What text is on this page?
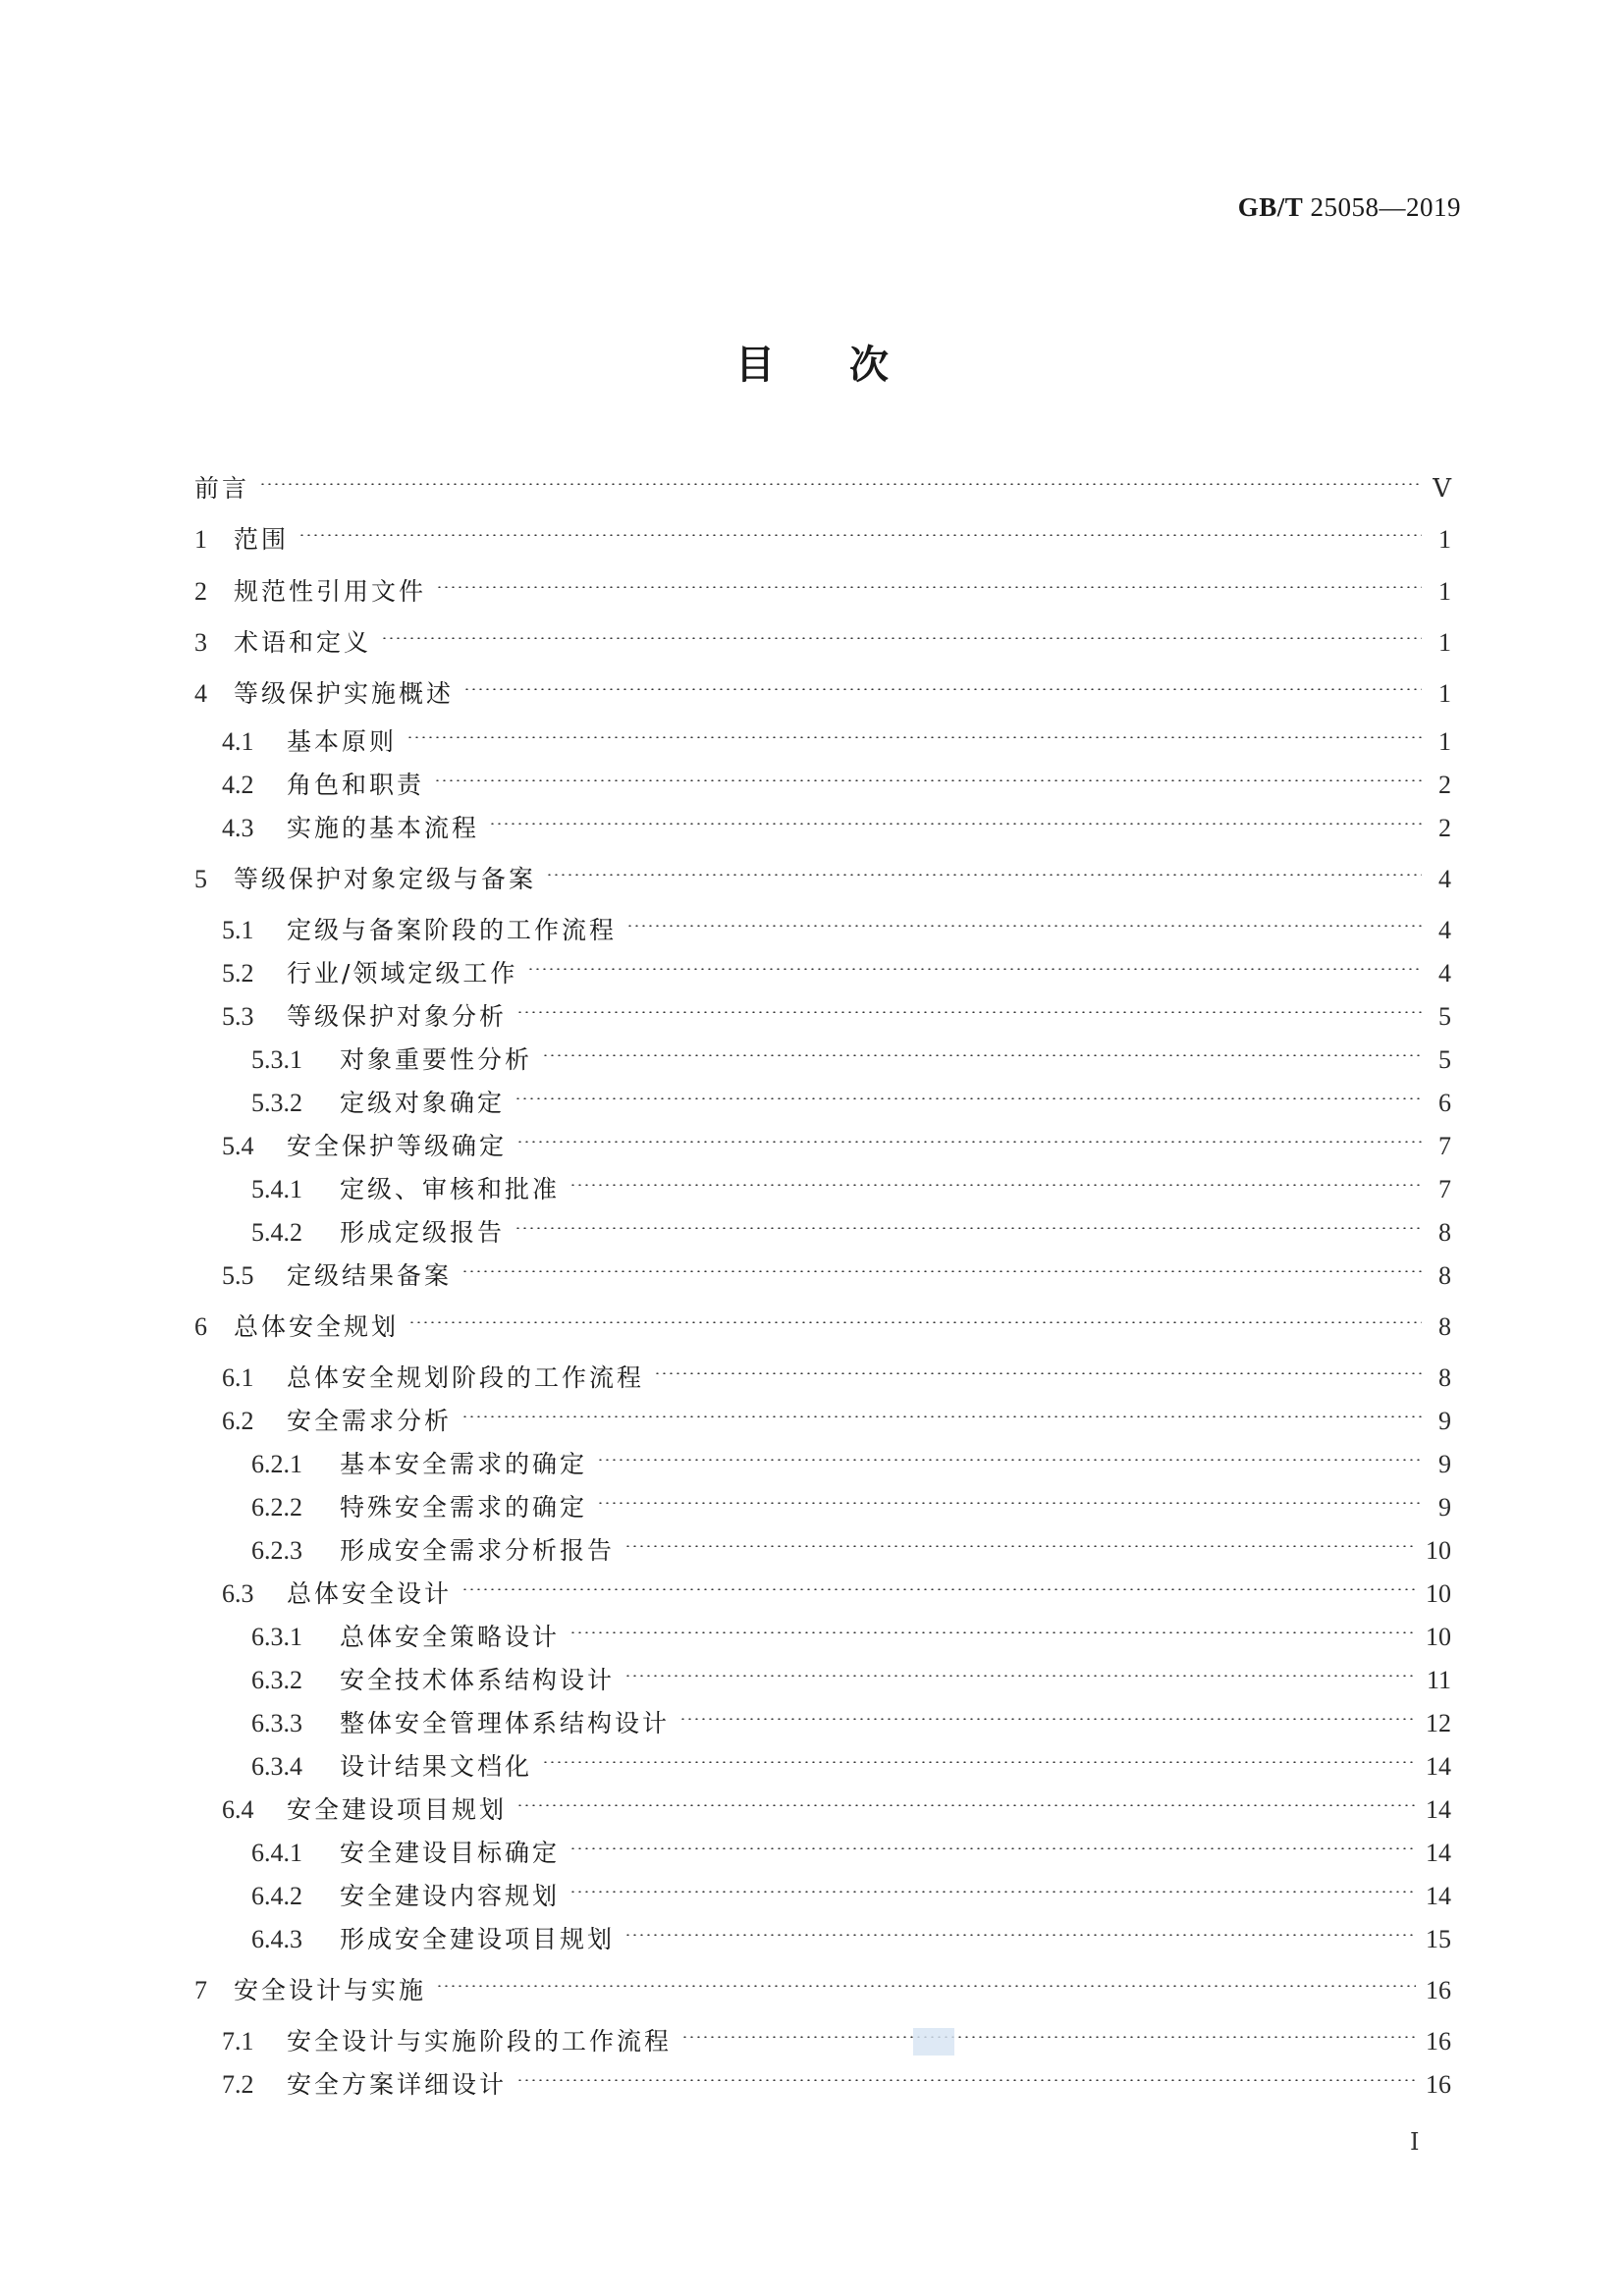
GB/T 25058—2019
目次
前言	Ⅴ
1	范围	1
2	规范性引用文件	1
3	术语和定义	1
4	等级保护实施概述	1
4.1	基本原则	1
4.2	角色和职责	2
4.3	实施的基本流程	2
5	等级保护对象定级与备案	4
5.1	定级与备案阶段的工作流程	4
5.2	行业/领域定级工作	4
5.3	等级保护对象分析	5
5.3.1	对象重要性分析	5
5.3.2	定级对象确定	6
5.4	安全保护等级确定	7
5.4.1	定级、审核和批准	7
5.4.2	形成定级报告	8
5.5	定级结果备案	8
6	总体安全规划	8
6.1	总体安全规划阶段的工作流程	8
6.2	安全需求分析	9
6.2.1	基本安全需求的确定	9
6.2.2	特殊安全需求的确定	9
6.2.3	形成安全需求分析报告	10
6.3	总体安全设计	10
6.3.1	总体安全策略设计	10
6.3.2	安全技术体系结构设计	11
6.3.3	整体安全管理体系结构设计	12
6.3.4	设计结果文档化	14
6.4	安全建设项目规划	14
6.4.1	安全建设目标确定	14
6.4.2	安全建设内容规划	14
6.4.3	形成安全建设项目规划	15
7	安全设计与实施	16
7.1	安全设计与实施阶段的工作流程	16
7.2	安全方案详细设计	16
Ⅰ
